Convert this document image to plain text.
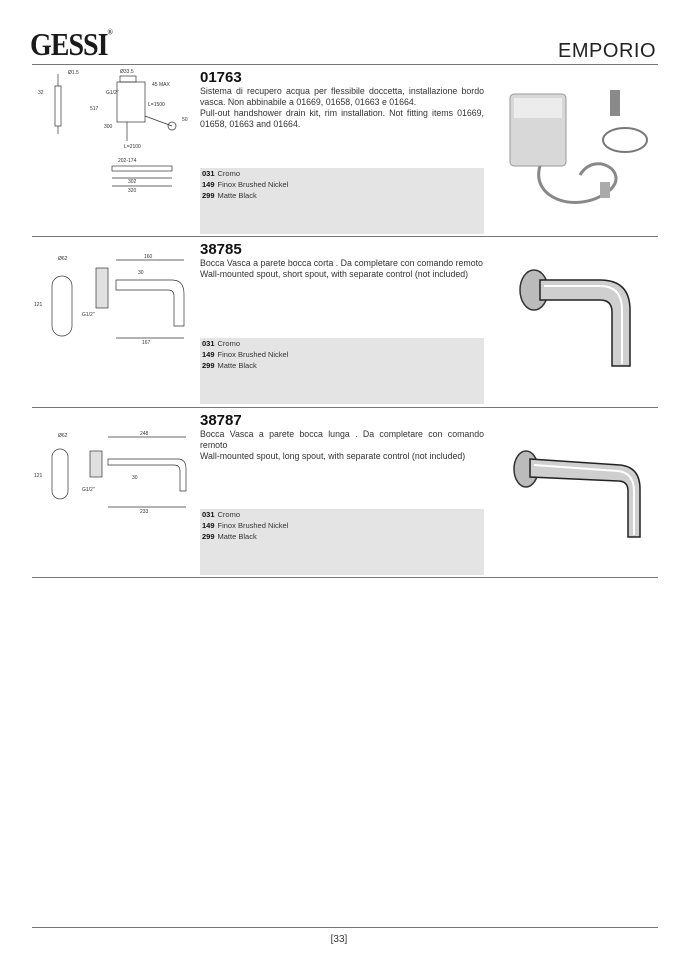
GESSI®
EMPORIO
Ø1.5	Ø33.5
32	G1/2"
517
45 MAX
L=1500
50
300
L=2100
202-174
302
320
01763
Sistema di recupero acqua per flessibile doccetta, installazione bordo vasca. Non abbinabile a 01669, 01658, 01663 e 01664.
Pull-out handshower drain kit, rim installation. Not fitting items 01669, 01658, 01663 and 01664.
031 Cromo
149 Finox Brushed Nickel
299 Matte Black
Ø62	160
30
121
G1/2"
167
38785
Bocca Vasca a parete bocca corta . Da completare con comando remoto
Wall-mounted spout, short spout, with separate control (not included)
031 Cromo
149 Finox Brushed Nickel
299 Matte Black
Ø62	248
30
121
G1/2"
233
38787
Bocca Vasca a parete bocca lunga . Da completare con comando remoto
Wall-mounted spout, long spout, with separate control (not included)
031 Cromo
149 Finox Brushed Nickel
299 Matte Black
[33]
